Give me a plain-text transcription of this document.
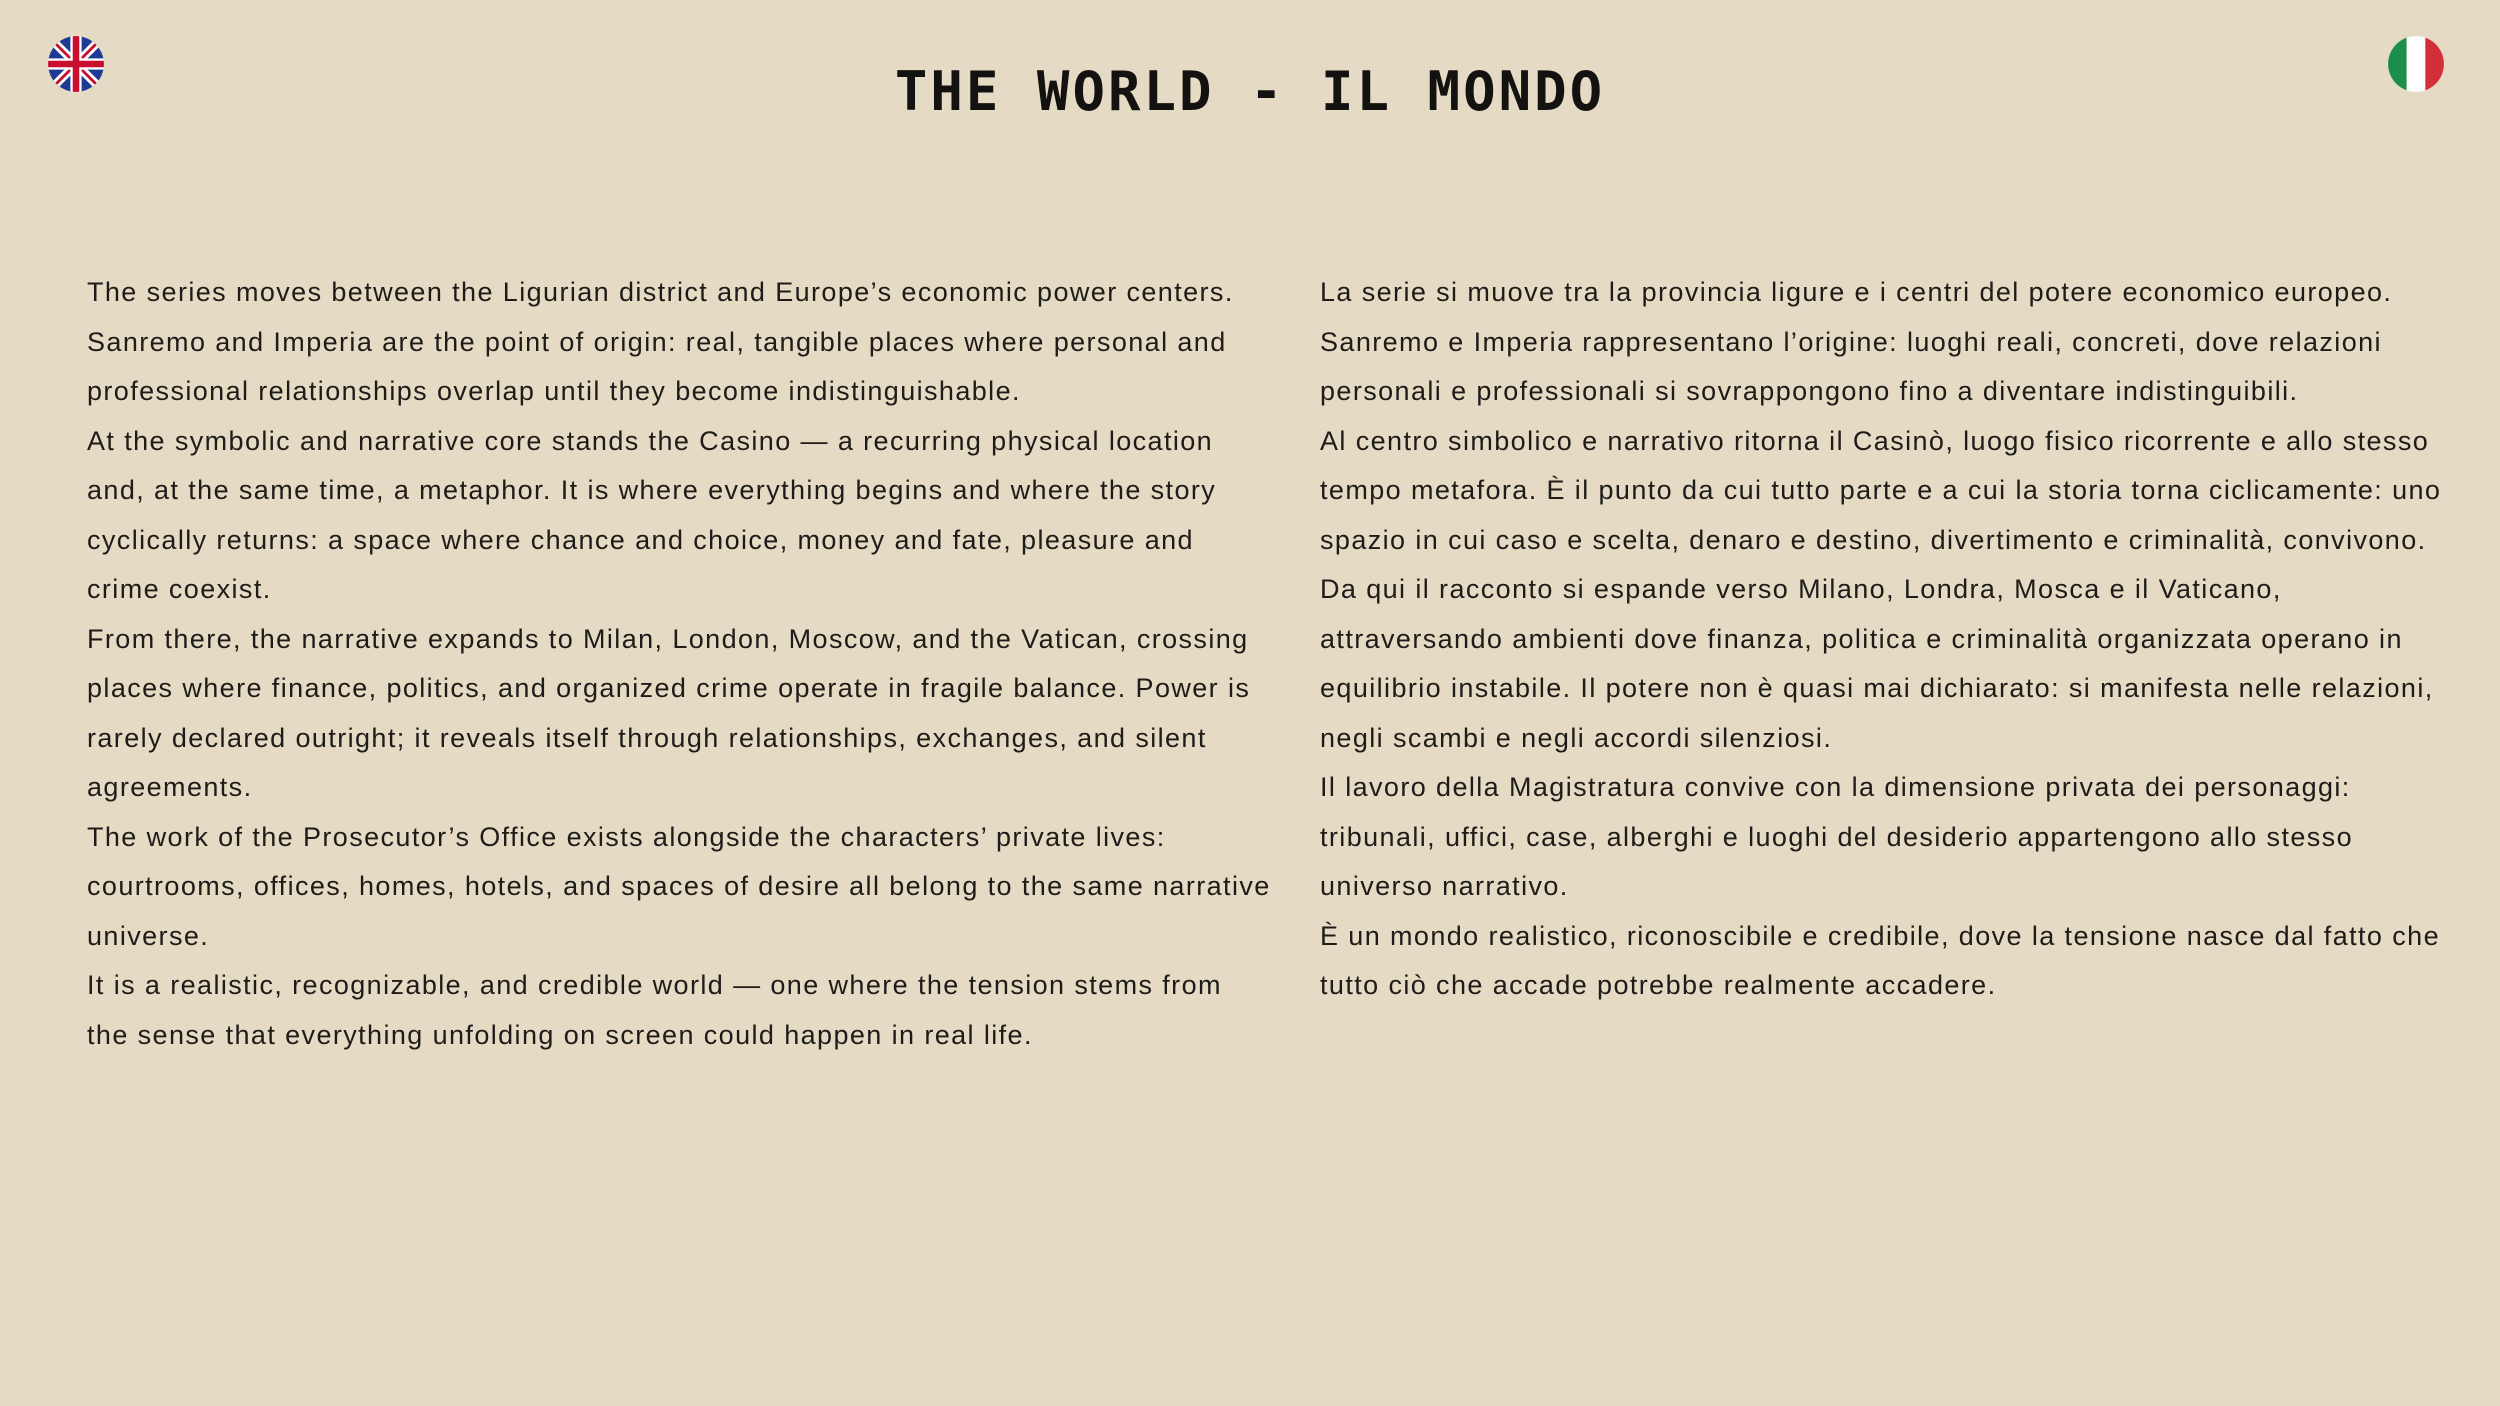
THE WORLD - IL MONDO

The series moves between the Ligurian district and Europe’s economic power centers. Sanremo and Imperia are the point of origin: real, tangible places where personal and professional relationships overlap until they become indistinguishable.

At the symbolic and narrative core stands the Casino — a recurring physical location and, at the same time, a metaphor. It is where everything begins and where the story cyclically returns: a space where chance and choice, money and fate, pleasure and crime coexist.

From there, the narrative expands to Milan, London, Moscow, and the Vatican, crossing places where finance, politics, and organized crime operate in fragile balance. Power is rarely declared outright; it reveals itself through relationships, exchanges, and silent agreements.

The work of the Prosecutor’s Office exists alongside the characters’ private lives: courtrooms, offices, homes, hotels, and spaces of desire all belong to the same narrative universe.

It is a realistic, recognizable, and credible world — one where the tension stems from the sense that everything unfolding on screen could happen in real life.

La serie si muove tra la provincia ligure e i centri del potere economico europeo. Sanremo e Imperia rappresentano l’origine: luoghi reali, concreti, dove relazioni personali e professionali si sovrappongono fino a diventare indistinguibili.

Al centro simbolico e narrativo ritorna il Casinò, luogo fisico ricorrente e allo stesso tempo metafora. È il punto da cui tutto parte e a cui la storia torna ciclicamente: uno spazio in cui caso e scelta, denaro e destino, divertimento e criminalità, convivono.

Da qui il racconto si espande verso Milano, Londra, Mosca e il Vaticano, attraversando ambienti dove finanza, politica e criminalità organizzata operano in equilibrio instabile. Il potere non è quasi mai dichiarato: si manifesta nelle relazioni, negli scambi e negli accordi silenziosi.

Il lavoro della Magistratura convive con la dimensione privata dei personaggi: tribunali, uffici, case, alberghi e luoghi del desiderio appartengono allo stesso universo narrativo.

È un mondo realistico, riconoscibile e credibile, dove la tensione nasce dal fatto che tutto ciò che accade potrebbe realmente accadere.
